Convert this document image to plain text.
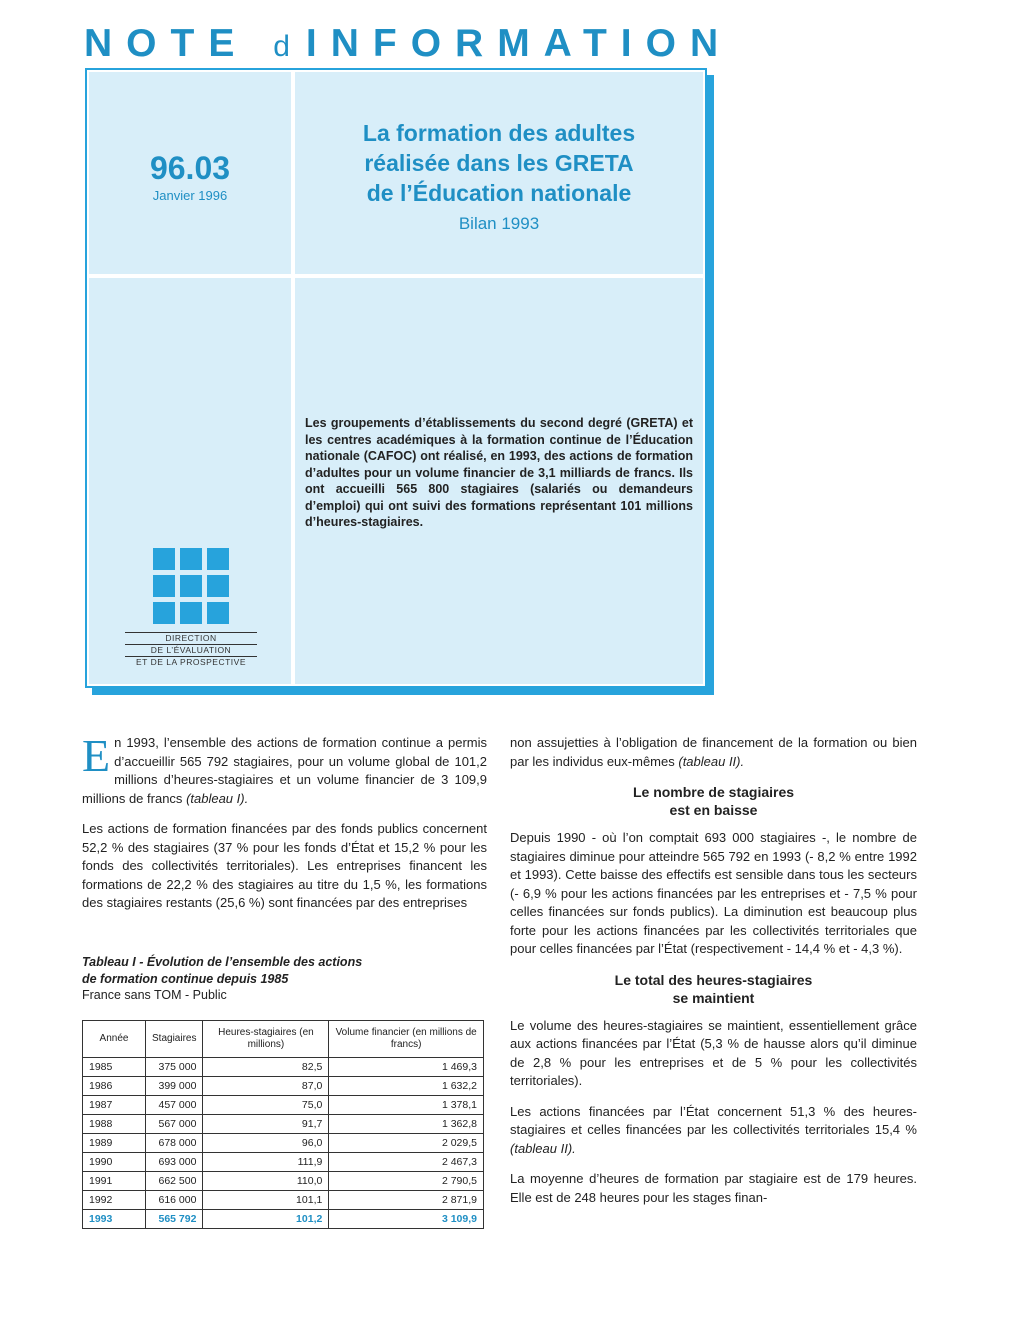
NOTE d INFORMATION
96.03
Janvier 1996
La formation des adultes
réalisée dans les GRETA
de l’Éducation nationale
Bilan 1993
Les groupements d’établissements du second degré (GRETA) et les centres académiques à la formation continue de l’Éducation nationale (CAFOC) ont réalisé, en 1993, des actions de formation d’adultes pour un volume financier de 3,1 milliards de francs. Ils ont accueilli 565 800 stagiaires (salariés ou demandeurs d’emploi) qui ont suivi des formations représentant 101 millions d’heures-stagiaires.
DIRECTION
DE L’ÉVALUATION
ET DE LA PROSPECTIVE

En 1993, l’ensemble des actions de formation continue a permis d’accueillir 565 792 stagiaires, pour un volume global de 101,2 millions d’heures-stagiaires et un volume financier de 3 109,9 millions de francs (tableau I).

Les actions de formation financées par des fonds publics concernent 52,2 % des stagiaires (37 % pour les fonds d’État et 15,2 % pour les fonds des collectivités territoriales). Les entreprises financent les formations de 22,2 % des stagiaires au titre du 1,5 %, les formations des stagiaires restants (25,6 %) sont financées par des entreprises

Tableau I - Évolution de l’ensemble des actions
de formation continue depuis 1985
France sans TOM - Public
Année	Stagiaires	Heures-stagiaires (en millions)	Volume financier (en millions de francs)
1985	375 000	82,5	1 469,3
1986	399 000	87,0	1 632,2
1987	457 000	75,0	1 378,1
1988	567 000	91,7	1 362,8
1989	678 000	96,0	2 029,5
1990	693 000	111,9	2 467,3
1991	662 500	110,0	2 790,5
1992	616 000	101,1	2 871,9
1993	565 792	101,2	3 109,9

non assujetties à l’obligation de financement de la formation ou bien par les individus eux-mêmes (tableau II).

Le nombre de stagiaires
est en baisse

Depuis 1990 - où l’on comptait 693 000 stagiaires -, le nombre de stagiaires diminue pour atteindre 565 792 en 1993 (- 8,2 % entre 1992 et 1993). Cette baisse des effectifs est sensible dans tous les secteurs (- 6,9 % pour les actions financées par les entreprises et - 7,5 % pour celles financées sur fonds publics). La diminution est beaucoup plus forte pour les actions financées par les collectivités territoriales que pour celles financées par l’État (respectivement - 14,4 % et - 4,3 %).

Le total des heures-stagiaires
se maintient

Le volume des heures-stagiaires se maintient, essentiellement grâce aux actions financées par l’État (5,3 % de hausse alors qu’il diminue de 2,8 % pour les entreprises et de 5 % pour les collectivités territoriales).

Les actions financées par l’État concernent 51,3 % des heures-stagiaires et celles financées par les collectivités territoriales 15,4 % (tableau II).

La moyenne d’heures de formation par stagiaire est de 179 heures. Elle est de 248 heures pour les stages finan-
